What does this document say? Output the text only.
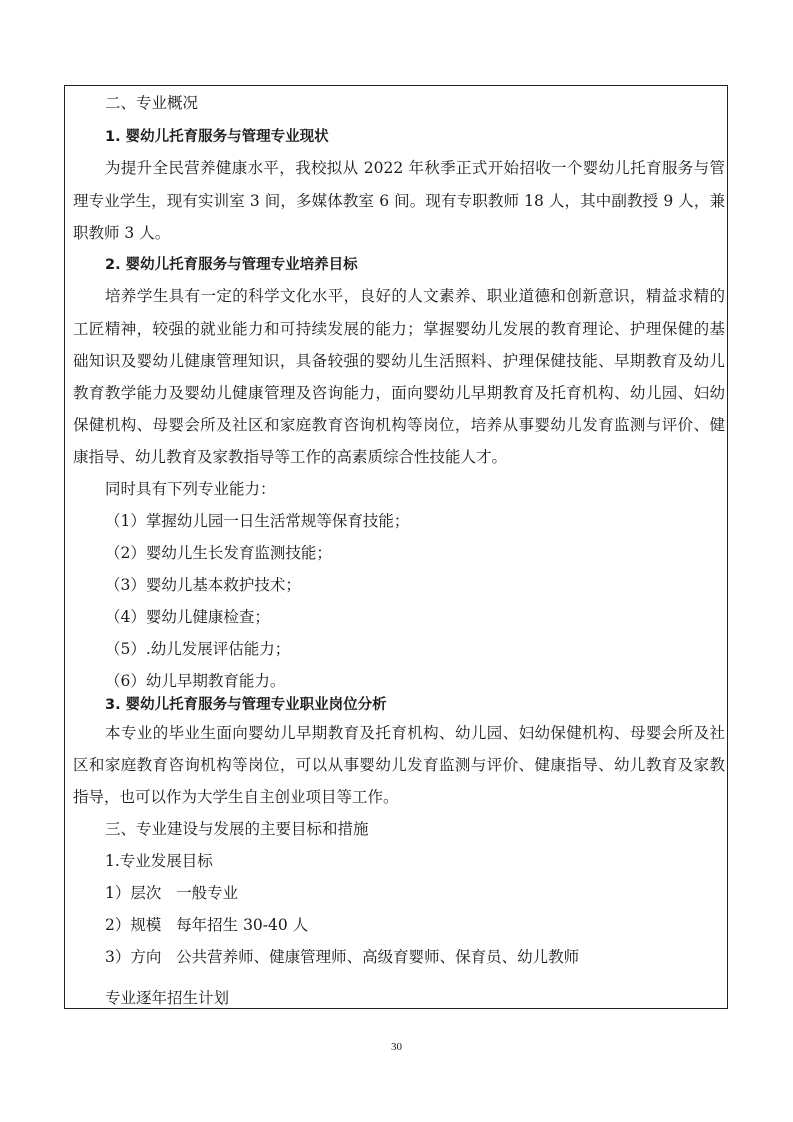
二、专业概况
1. 婴幼儿托育服务与管理专业现状
为提升全民营养健康水平，我校拟从 2022 年秋季正式开始招收一个婴幼儿托育服务与管
理专业学生，现有实训室 3 间，多媒体教室 6 间。现有专职教师 18 人，其中副教授 9 人，兼
职教师 3 人。
2. 婴幼儿托育服务与管理专业培养目标
培养学生具有一定的科学文化水平，良好的人文素养、职业道德和创新意识，精益求精的
工匠精神，较强的就业能力和可持续发展的能力；掌握婴幼儿发展的教育理论、护理保健的基
础知识及婴幼儿健康管理知识，具备较强的婴幼儿生活照料、护理保健技能、早期教育及幼儿
教育教学能力及婴幼儿健康管理及咨询能力，面向婴幼儿早期教育及托育机构、幼儿园、妇幼
保健机构、母婴会所及社区和家庭教育咨询机构等岗位，培养从事婴幼儿发育监测与评价、健
康指导、幼儿教育及家教指导等工作的高素质综合性技能人才。
同时具有下列专业能力：
（1）掌握幼儿园一日生活常规等保育技能；
（2）婴幼儿生长发育监测技能；
（3）婴幼儿基本救护技术；
（4）婴幼儿健康检查；
（5）.幼儿发展评估能力；
（6）幼儿早期教育能力。
3. 婴幼儿托育服务与管理专业职业岗位分析
本专业的毕业生面向婴幼儿早期教育及托育机构、幼儿园、妇幼保健机构、母婴会所及社
区和家庭教育咨询机构等岗位，可以从事婴幼儿发育监测与评价、健康指导、幼儿教育及家教
指导，也可以作为大学生自主创业项目等工作。
三、专业建设与发展的主要目标和措施
1.专业发展目标
1）层次   一般专业
2）规模   每年招生 30-40 人
3）方向   公共营养师、健康管理师、高级育婴师、保育员、幼儿教师
专业逐年招生计划
30
